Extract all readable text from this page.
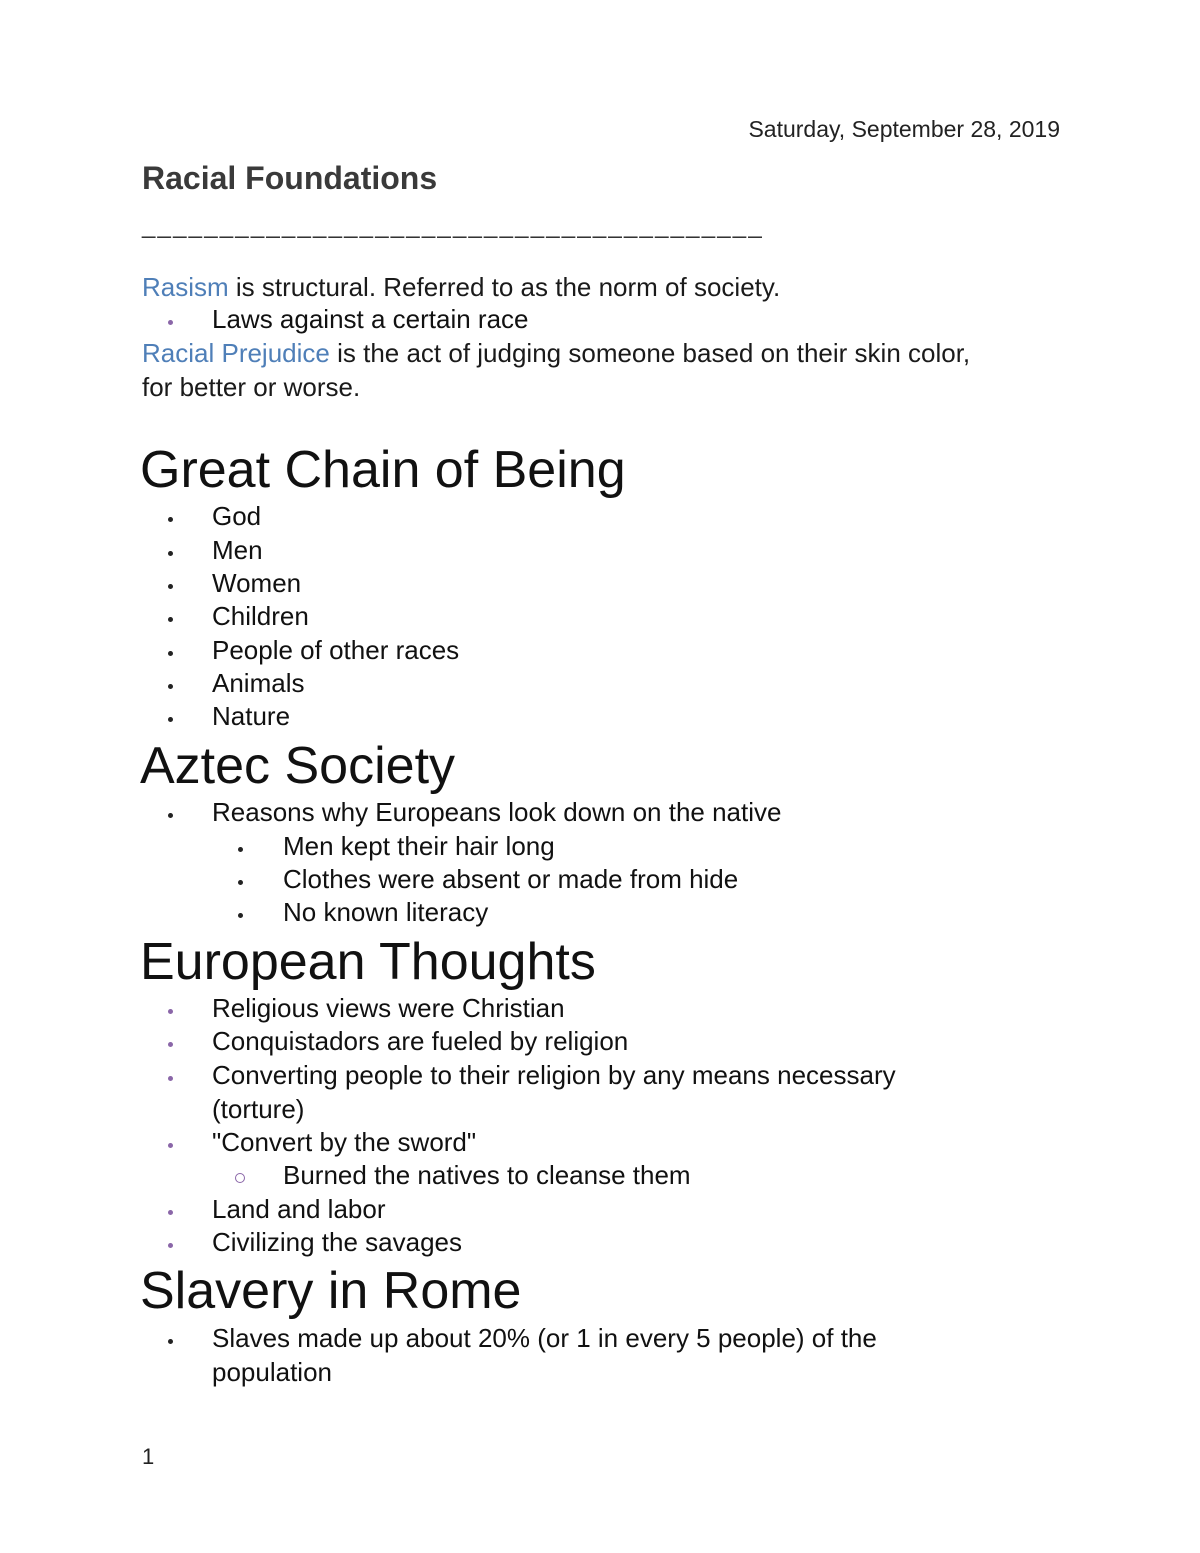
Saturday, September 28, 2019
Racial Foundations
________________________________________
Rasism is structural. Referred to as the norm of society.
Laws against a certain race
Racial Prejudice is the act of judging someone based on their skin color,
for better or worse.
Great Chain of Being
God
Men
Women
Children
People of other races
Animals
Nature
Aztec Society
Reasons why Europeans look down on the native
Men kept their hair long
Clothes were absent or made from hide
No known literacy
European Thoughts
Religious views were Christian
Conquistadors are fueled by religion
Converting people to their religion by any means necessary
(torture)
"Convert by the sword"
Burned the natives to cleanse them
Land and labor
Civilizing the savages
Slavery in Rome
Slaves made up about 20% (or 1 in every 5 people) of the
population
1
